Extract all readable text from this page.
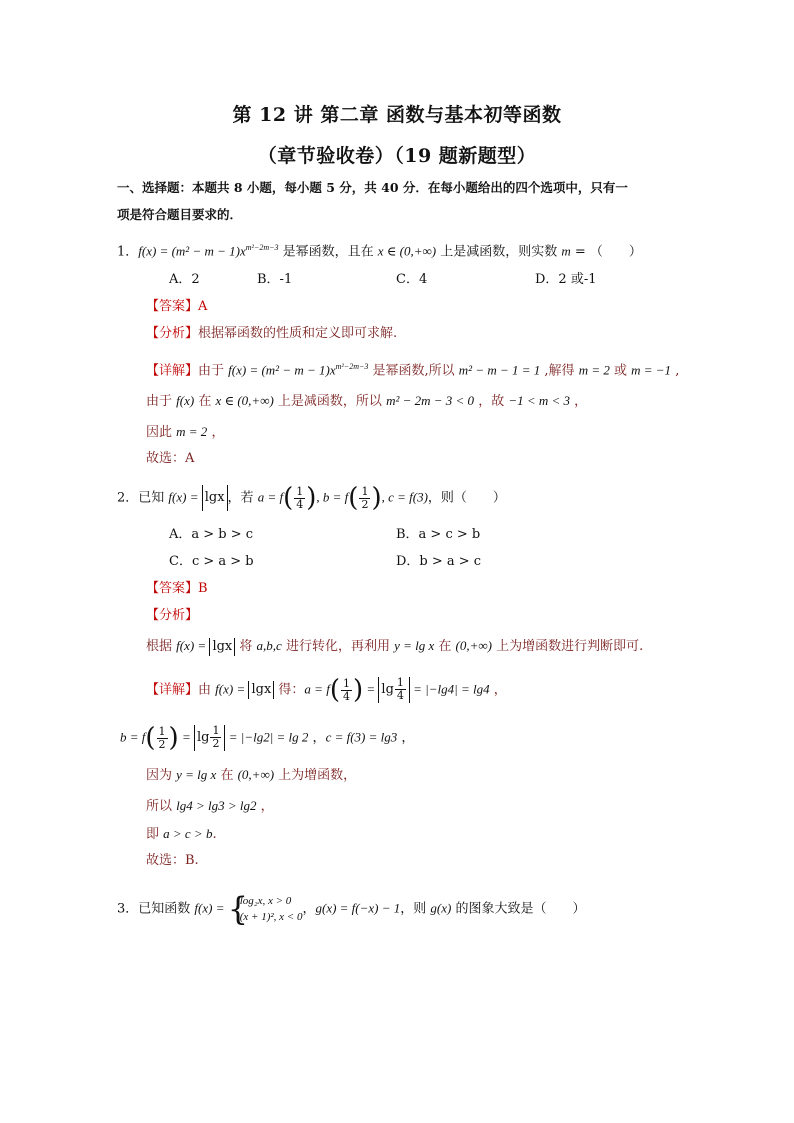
第 12 讲 第二章 函数与基本初等函数
（章节验收卷）（19 题新题型）
一、选择题：本题共 8 小题，每小题 5 分，共 40 分．在每小题给出的四个选项中，只有一
项是符合题目要求的．
1．$f(x) = (m^2 - m - 1)x^{m^2-2m-3}$ 是幂函数，且在 x ∈ (0,+∞) 上是减函数，则实数 m = （　　）
A．2	B．-1	C．4	D．2 或-1
【答案】A
【分析】根据幂函数的性质和定义即可求解.
【详解】由于 $f(x) = (m^2 - m - 1)x^{m^2-2m-3}$ 是幂函数,所以 m² − m − 1 = 1 ,解得 m = 2 或 m = −1 ,
由于 f(x) 在 x ∈ (0,+∞) 上是减函数，所以 m² − 2m − 3 < 0 ，故 −1 < m < 3 ，
因此 m = 2 ，
故选：A
2．已知 f(x) = lgx ，若 $a = f( \frac{1}{4}$ ), $b = f( \frac{1}{2}$ ), c = f(3)，则（　　）
A．a > b > c	B．a > c > b
C．c > a > b	D．b > a > c
【答案】B
【分析】
根据 f(x) = lgx 将 a,b,c 进行转化，再利用 y = lg x 在 (0,+∞) 上为增函数进行判断即可.
【详解】由 f(x) = lgx 得：$a = f( \frac{1}{4}$ ) = $\lg \frac{1}{4} = |-\lg 4| = \lg 4$ ，
$b = f( \frac{1}{2}$ ) = $\lg \frac{1}{2} = |-\lg 2| = \lg 2$ ，c = f(3) = lg3 ，
因为 y = lg x 在 (0,+∞) 上为增函数，
所以 lg4 > lg3 > lg2 ，
即 a > c > b.
故选：B.
3．已知函数 f(x) = {
log₂x, x > 0
(x + 1)², x < 0
，g(x) = f(−x) − 1，则 g(x) 的图象大致是（　　）
